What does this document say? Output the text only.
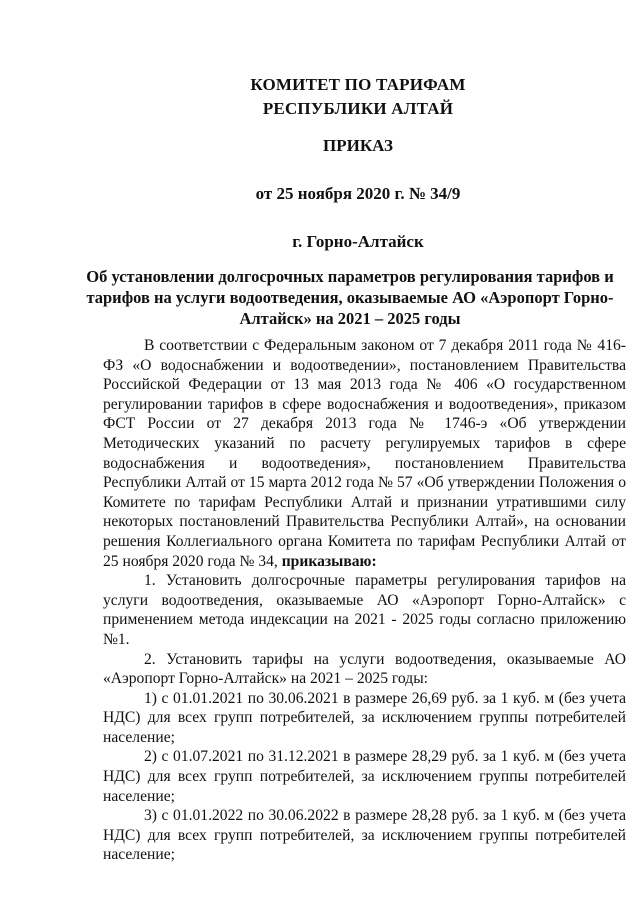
КОМИТЕТ ПО ТАРИФАМ
РЕСПУБЛИКИ АЛТАЙ
ПРИКАЗ
от 25 ноября 2020 г. № 34/9
г. Горно-Алтайск
Об установлении долгосрочных параметров регулирования тарифов и тарифов на услуги водоотведения, оказываемые АО «Аэропорт Горно-Алтайск» на 2021 – 2025 годы

В соответствии с Федеральным законом от 7 декабря 2011 года № 416-ФЗ «О водоснабжении и водоотведении», постановлением Правительства Российской Федерации от 13 мая 2013 года № 406 «О государственном регулировании тарифов в сфере водоснабжения и водоотведения», приказом ФСТ России от 27 декабря 2013 года № 1746-э «Об утверждении Методических указаний по расчету регулируемых тарифов в сфере водоснабжения и водоотведения», постановлением Правительства Республики Алтай от 15 марта 2012 года № 57 «Об утверждении Положения о Комитете по тарифам Республики Алтай и признании утратившими силу некоторых постановлений Правительства Республики Алтай», на основании решения Коллегиального органа Комитета по тарифам Республики Алтай от 25 ноября 2020 года № 34, приказываю:

1. Установить долгосрочные параметры регулирования тарифов на услуги водоотведения, оказываемые АО «Аэропорт Горно-Алтайск» с применением метода индексации на 2021 - 2025 годы согласно приложению №1.

2. Установить тарифы на услуги водоотведения, оказываемые АО «Аэропорт Горно-Алтайск» на 2021 – 2025 годы:

1) с 01.01.2021 по 30.06.2021 в размере 26,69 руб. за 1 куб. м (без учета НДС) для всех групп потребителей, за исключением группы потребителей население;

2) с 01.07.2021 по 31.12.2021 в размере 28,29 руб. за 1 куб. м (без учета НДС) для всех групп потребителей, за исключением группы потребителей население;

3) с 01.01.2022 по 30.06.2022 в размере 28,28 руб. за 1 куб. м (без учета НДС) для всех групп потребителей, за исключением группы потребителей население;
